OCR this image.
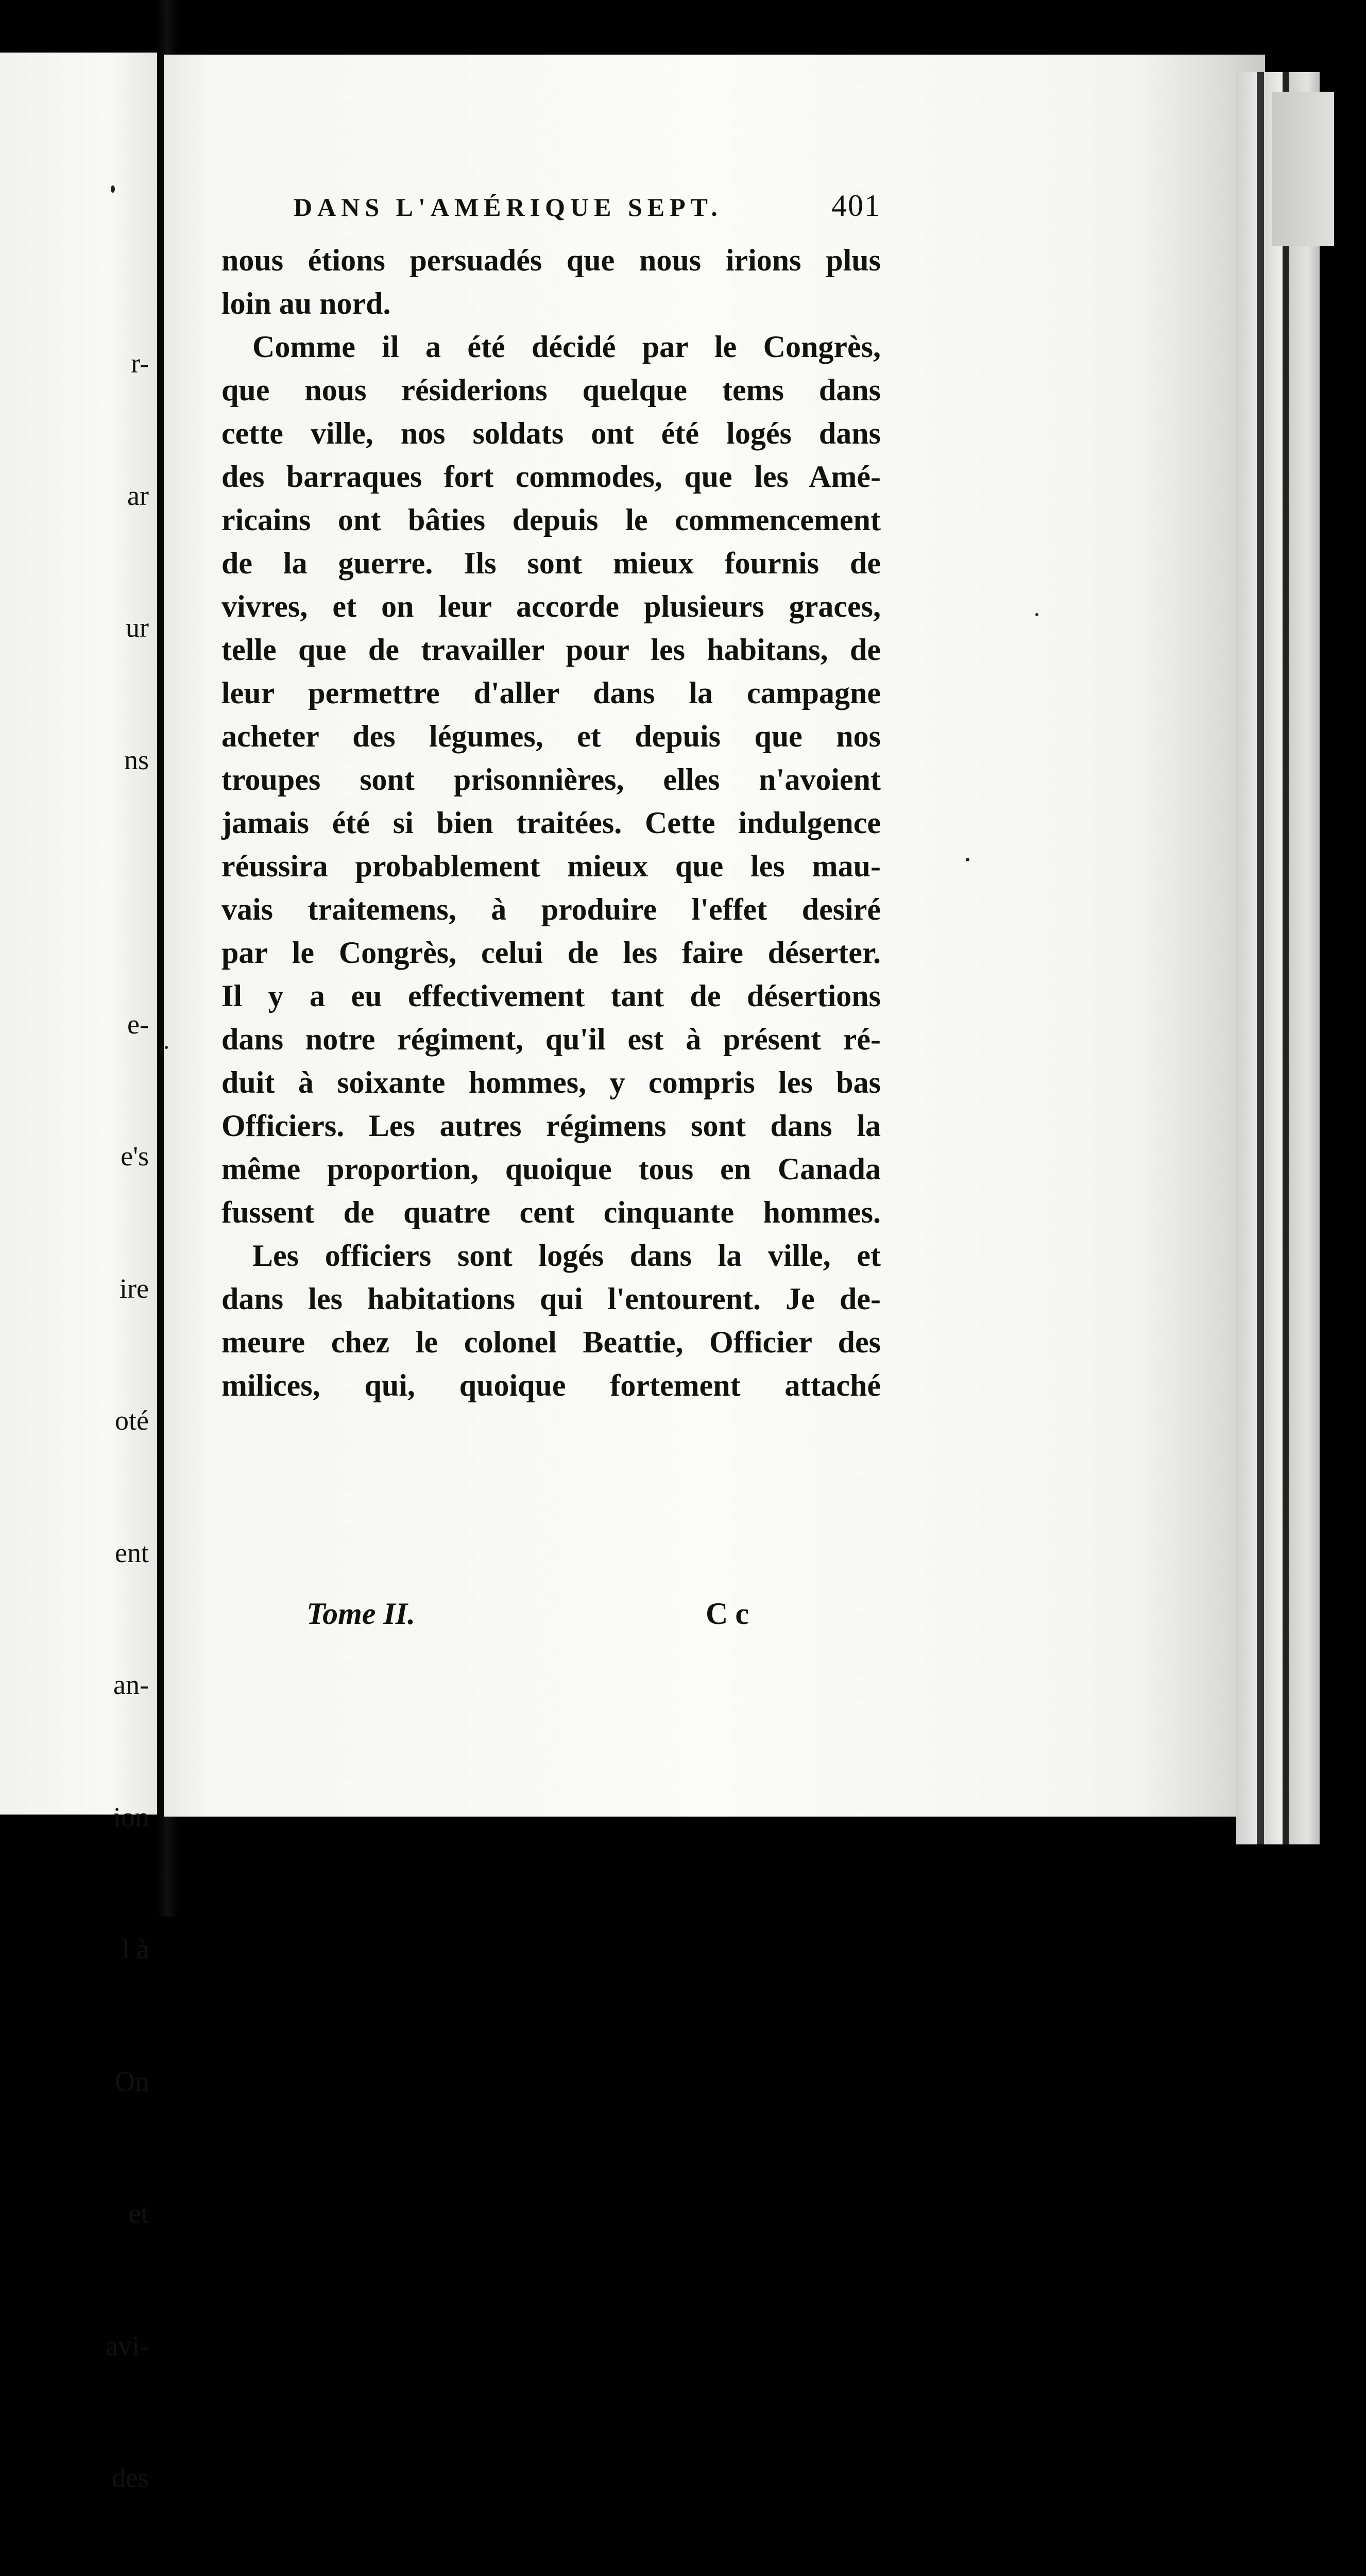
r-

ar

ur

ns

e-

e's

ire

oté

ent

an-

ion

l à

On

et

avi-

des

DANS L'AMÉRIQUE SEPT.	401
nous étions persuadés que nous irions plus
loin au nord.
Comme il a été décidé par le Congrès,
que nous résiderions quelque tems dans
cette ville, nos soldats ont été logés dans
des barraques fort commodes, que les Amé-
ricains ont bâties depuis le commencement
de la guerre. Ils sont mieux fournis de
vivres, et on leur accorde plusieurs graces,
telle que de travailler pour les habitans, de
leur permettre d'aller dans la campagne
acheter des légumes, et depuis que nos
troupes sont prisonnières, elles n'avoient
jamais été si bien traitées. Cette indulgence
réussira probablement mieux que les mau-
vais traitemens, à produire l'effet desiré
par le Congrès, celui de les faire déserter.
Il y a eu effectivement tant de désertions
dans notre régiment, qu'il est à présent ré-
duit à soixante hommes, y compris les bas
Officiers. Les autres régimens sont dans la
même proportion, quoique tous en Canada
fussent de quatre cent cinquante hommes.
Les officiers sont logés dans la ville, et
dans les habitations qui l'entourent. Je de-
meure chez le colonel Beattie, Officier des
milices, qui, quoique fortement attaché
Tome II.	Cc
